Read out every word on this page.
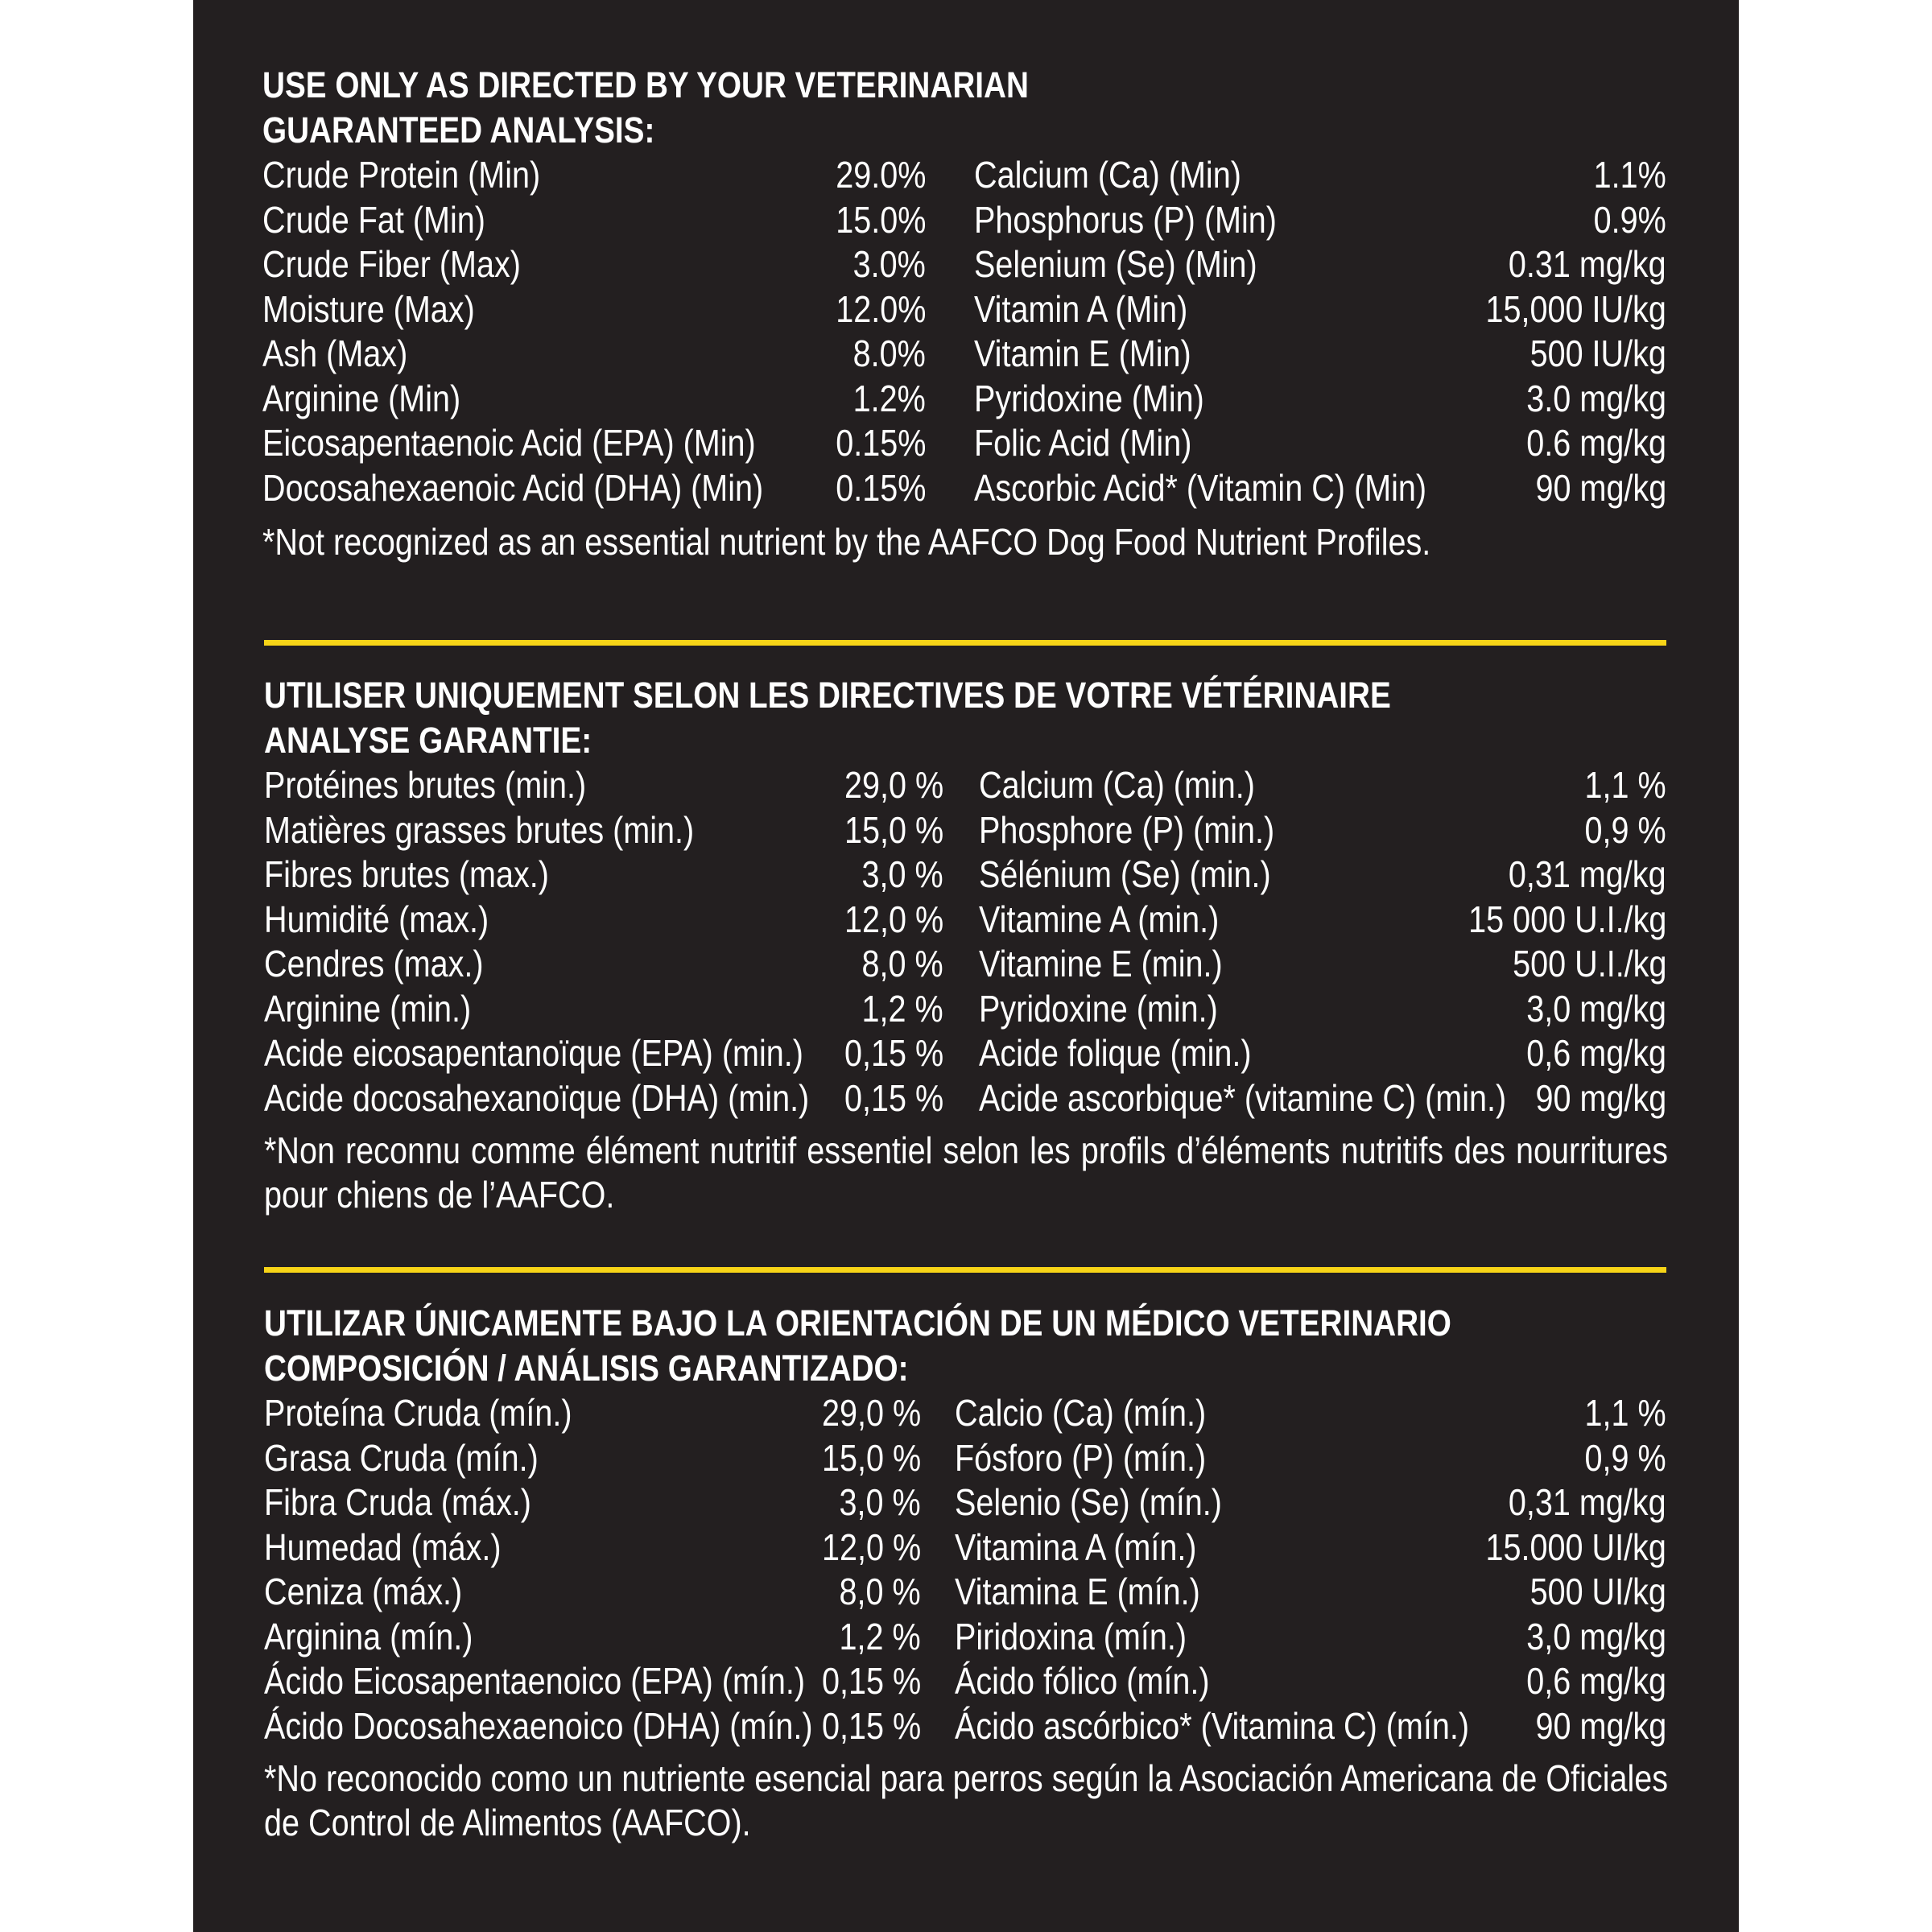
USE ONLY AS DIRECTED BY YOUR VETERINARIAN
GUARANTEED ANALYSIS:
Crude Protein (Min)	29.0% Calcium (Ca) (Min)	1.1%
Crude Fat (Min)	15.0% Phosphorus (P) (Min)	0.9%
Crude Fiber (Max)	3.0% Selenium (Se) (Min)	0.31 mg/kg
Moisture (Max)	12.0% Vitamin A (Min)	15,000 IU/kg
Ash (Max)	8.0% Vitamin E (Min)	500 IU/kg
Arginine (Min)	1.2% Pyridoxine (Min)	3.0 mg/kg
Eicosapentaenoic Acid (EPA) (Min) 0.15% Folic Acid (Min)	0.6 mg/kg
Docosahexaenoic Acid (DHA) (Min) 0.15% Ascorbic Acid* (Vitamin C) (Min)	90 mg/kg
*Not recognized as an essential nutrient by the AAFCO Dog Food Nutrient Profiles.
UTILISER UNIQUEMENT SELON LES DIRECTIVES DE VOTRE VÉTÉRINAIRE
ANALYSE GARANTIE:
Protéines brutes (min.)	29,0 % Calcium (Ca) (min.)	1,1 %
Matières grasses brutes (min.)	15,0 % Phosphore (P) (min.)	0,9 %
Fibres brutes (max.)	3,0 % Sélénium (Se) (min.)	0,31 mg/kg
Humidité (max.)	12,0 % Vitamine A (min.)	15 000 U.I./kg
Cendres (max.)	8,0 % Vitamine E (min.)	500 U.I./kg
Arginine (min.)	1,2 % Pyridoxine (min.)	3,0 mg/kg
Acide eicosapentanoïque (EPA) (min.) 0,15 % Acide folique (min.)	0,6 mg/kg
Acide docosahexanoïque (DHA) (min.) 0,15 % Acide ascorbique* (vitamine C) (min.) 90 mg/kg
*Non reconnu comme élément nutritif essentiel selon les profils d’éléments nutritifs des nourritures pour chiens de l’AAFCO.
UTILIZAR ÚNICAMENTE BAJO LA ORIENTACIÓN DE UN MÉDICO VETERINARIO
COMPOSICIÓN / ANÁLISIS GARANTIZADO:
Proteína Cruda (mín.)	29,0 % Calcio (Ca) (mín.)	1,1 %
Grasa Cruda (mín.)	15,0 % Fósforo (P) (mín.)	0,9 %
Fibra Cruda (máx.)	3,0 % Selenio (Se) (mín.)	0,31 mg/kg
Humedad (máx.)	12,0 % Vitamina A (mín.)	15.000 UI/kg
Ceniza (máx.)	8,0 % Vitamina E (mín.)	500 UI/kg
Arginina (mín.)	1,2 % Piridoxina (mín.)	3,0 mg/kg
Ácido Eicosapentaenoico (EPA) (mín.) 0,15 % Ácido fólico (mín.)	0,6 mg/kg
Ácido Docosahexaenoico (DHA) (mín.) 0,15 % Ácido ascórbico* (Vitamina C) (mín.) 90 mg/kg
*No reconocido como un nutriente esencial para perros según la Asociación Americana de Oficiales de Control de Alimentos (AAFCO).
